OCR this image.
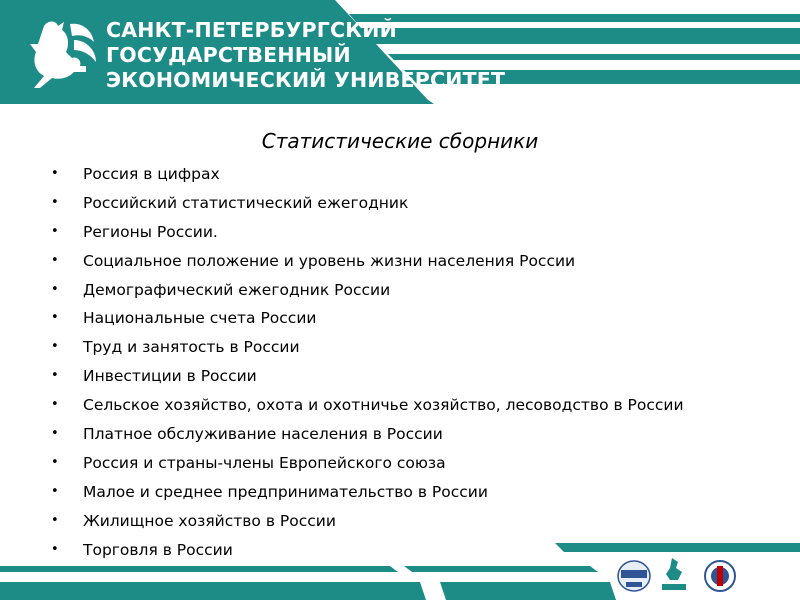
САНКТ-ПЕТЕРБУРГСКИЙ
ГОСУДАРСТВЕННЫЙ
ЭКОНОМИЧЕСКИЙ УНИВЕРСИТЕТ
Статистические сборники
• Россия в цифрах
• Российский статистический ежегодник
• Регионы России.
• Социальное положение и уровень жизни населения России
• Демографический ежегодник России
• Национальные счета России
• Труд и занятость в России
• Инвестиции в России
• Сельское хозяйство, охота и охотничье хозяйство, лесоводство в России
• Платное обслуживание населения в России
• Россия и страны-члены Европейского союза
• Малое и среднее предпринимательство в России
• Жилищное хозяйство в России
• Торговля в России
